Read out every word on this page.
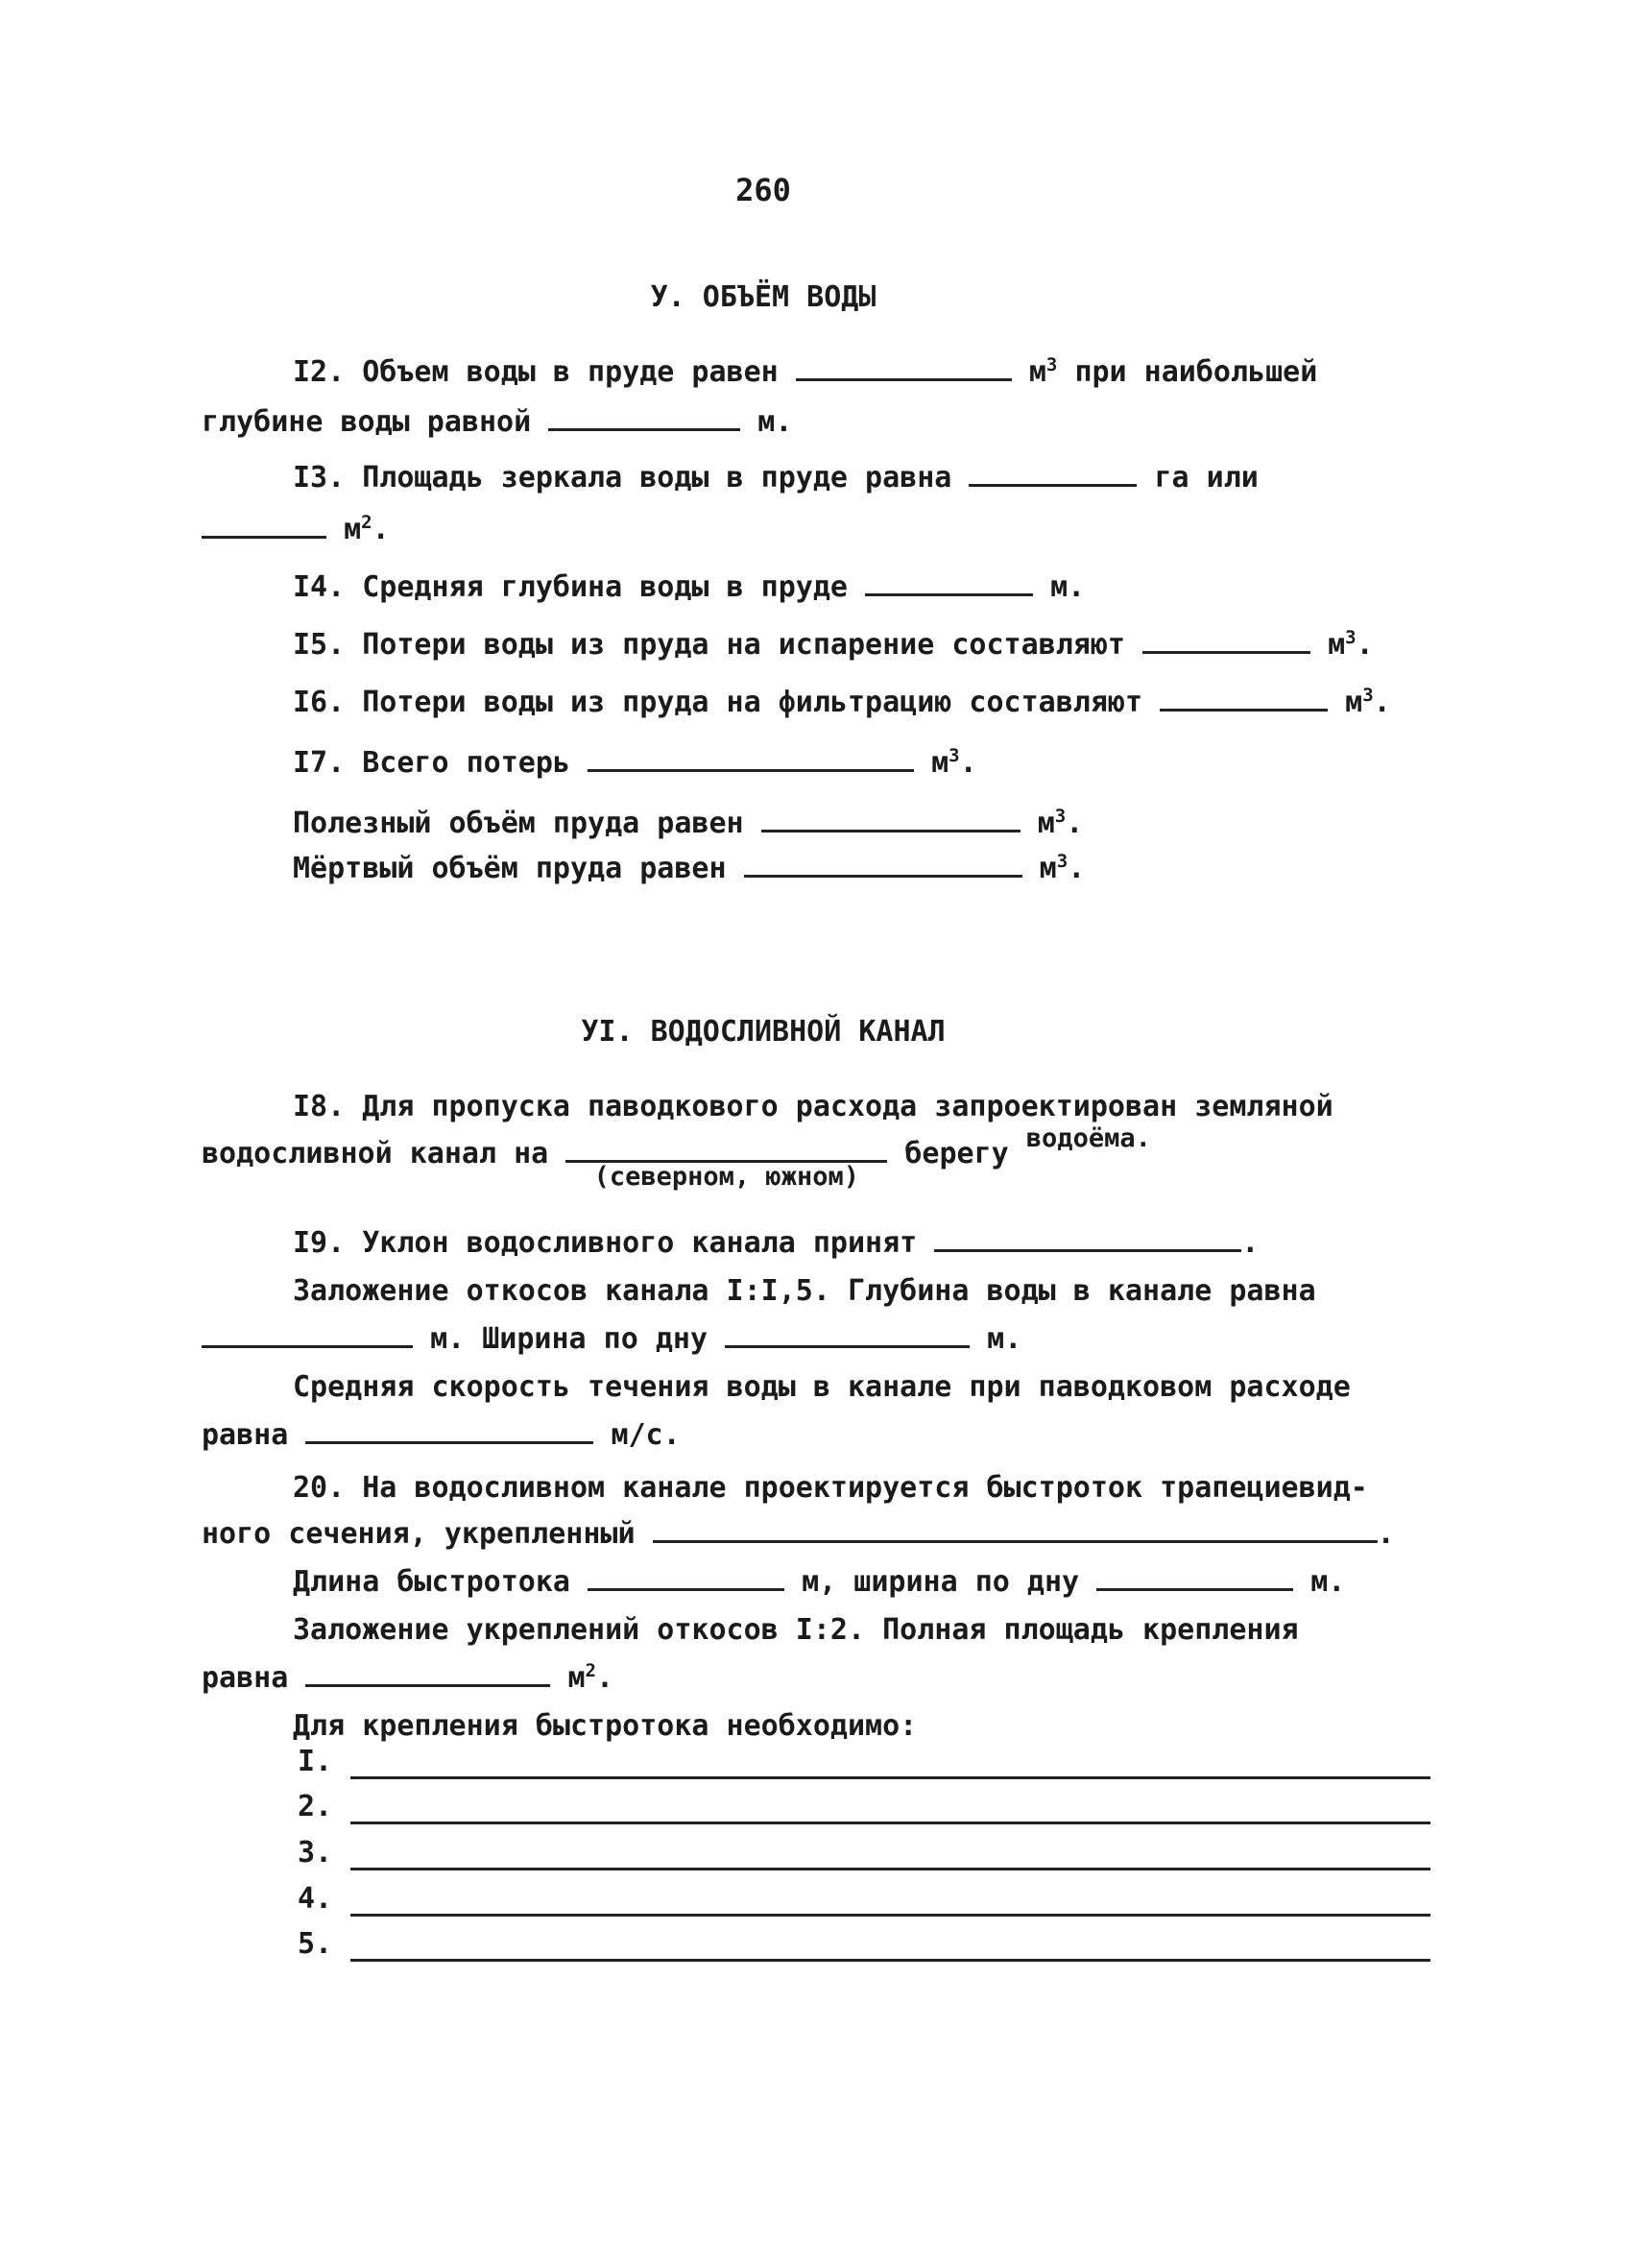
260
У. ОБЪЁМ ВОДЫ
I2. Объем воды в пруде равен	$м^3$ при наибольшей
глубине воды равной	м.
I3. Площадь зеркала воды в пруде равна	га или
$м^2$.
I4. Средняя глубина воды в пруде	м.
I5. Потери воды из пруда на испарение составляют	$м^3$.
I6. Потери воды из пруда на фильтрацию составляют	$м^3$.
I7. Всего потерь	$м^3$.
Полезный объём пруда равен	$м^3$.
Мёртвый объём пруда равен	$м^3$.
УI. ВОДОСЛИВНОЙ КАНАЛ
I8. Для пропуска паводкового расхода запроектирован земляной
водосливной канал на
(северном, южном)
берегу $^{водоёма.}$
I9. Уклон водосливного канала принят	.
Заложение откосов канала I:I,5. Глубина воды в канале равна
м. Ширина по дну	м.
Средняя скорость течения воды в канале при паводковом расходе
равна	м/с.
20. На водосливном канале проектируется быстроток трапециевид-
ного сечения, укрепленный	.
Длина быстротока	м, ширина по дну	м.
Заложение укреплений откосов I:2. Полная площадь крепления
равна	$м^2$.
Для крепления быстротока необходимо:
I.
2.
3.
4.
5.
